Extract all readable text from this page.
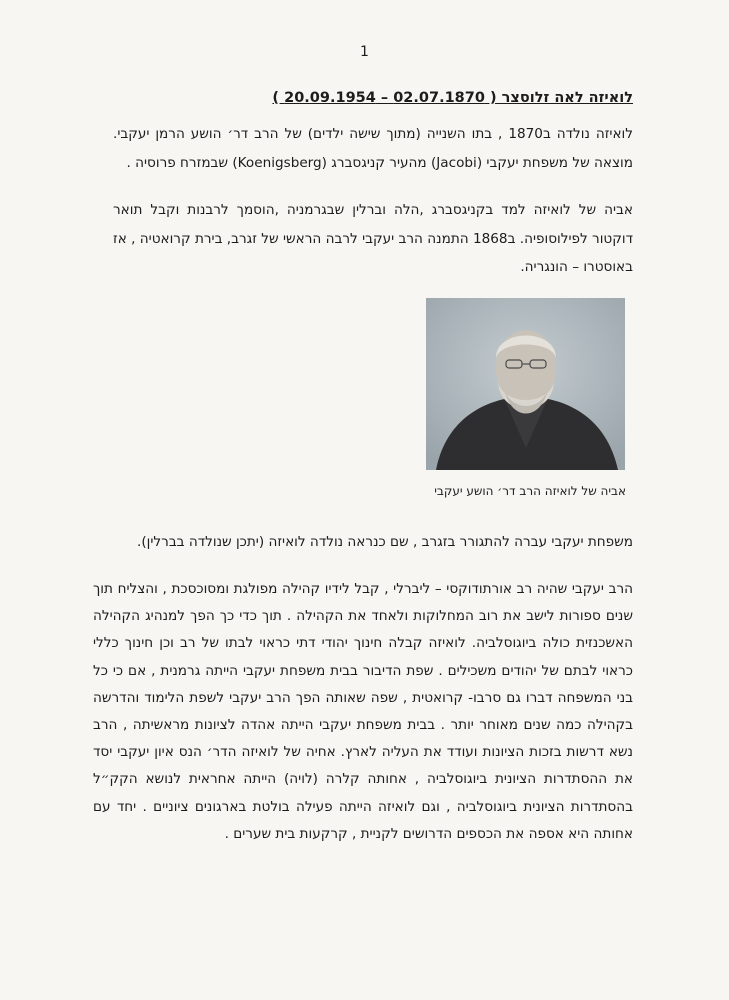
1
לואיזה לאה זלוסצר ( 02.07.1870 – 20.09.1954 )

לואיזה נולדה ב1870 , בתו השנייה (מתוך שישה ילדים) של הרב דר׳ הושע הרמן יעקבי. מוצאה של משפחת יעקבי (Jacobi) מהעיר קניגסברג (Koenigsberg) שבמזרח פרוסיה .

אביה של לואיזה למד בקניגסברג ,הלה וברלין שבגרמניה ,הוסמך לרבנות וקבל תואר דוקטור לפילוסופיה. ב1868 התמנה הרב יעקבי לרבה הראשי של זגרב, בירת קרואטיה , אז באוסטרו – הונגריה.

אביה של לואיזה הרב דר׳ הושע יעקבי

משפחת יעקבי עברה להתגורר בזגרב , שם כנראה נולדה לואיזה (יתכן שנולדה בברלין).

הרב יעקבי שהיה רב אורתודוקסי – ליברלי , קבל לידיו קהילה מפולגת ומסוכסכת , והצליח תוך שנים ספורות לישב את רוב המחלוקות ולאחד את הקהילה . תוך כדי כך הפך למנהיג הקהילה האשכנזית כולה ביוגוסלביה. לואיזה קבלה חינוך יהודי דתי כראוי לבתו של רב וכן חינוך כללי כראוי לבתם של יהודים משכילים . שפת הדיבור בבית משפחת יעקבי הייתה גרמנית , אם כי כל בני המשפחה דברו גם סרבו- קרואטית , שפה שאותה הפך הרב יעקבי לשפת הלימוד והדרשה בקהילה כמה שנים מאוחר יותר . בבית משפחת יעקבי הייתה אהדה לציונות מראשיתה , הרב נשא דרשות בזכות הציונות ועודד את העליה לארץ. אחיה של לואיזה הדר׳ הנס איון יעקבי יסד את ההסתדרות הציונית ביוגוסלביה , אחותה קלרה (לויה) הייתה אחראית לנושא הקק״ל בהסתדרות הציונית ביוגוסלביה , וגם לואיזה הייתה פעילה בולטת בארגונים ציוניים . יחד עם אחותה היא אספה את הכספים הדרושים לקניית , קרקעות בית שערים .
